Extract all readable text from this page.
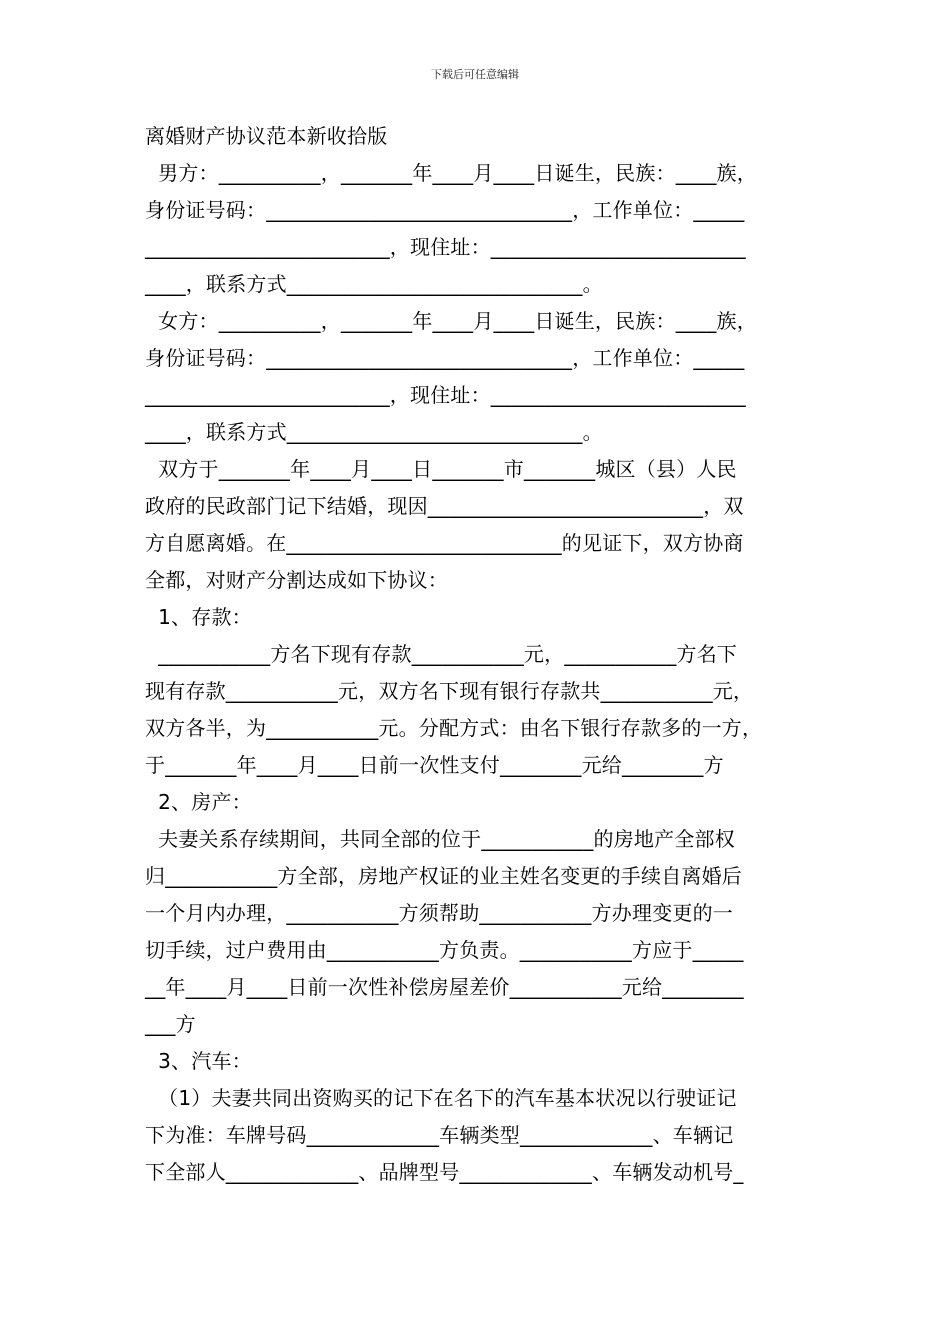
下载后可任意编辑
离婚财产协议范本新收拾版
男方：__________，_______年____月____日诞生，民族：____族，
身份证号码：______________________________，工作单位：_____
________________________，现住址：_________________________
____，联系方式_____________________________。
女方：__________，_______年____月____日诞生，民族：____族，
身份证号码：______________________________，工作单位：_____
________________________，现住址：_________________________
____，联系方式_____________________________。
双方于_______年____月____日_______市_______城区（县）人民
政府的民政部门记下结婚，现因___________________________，双
方自愿离婚。在___________________________的见证下，双方协商
全都，对财产分割达成如下协议：
1、存款：
___________方名下现有存款___________元，___________方名下
现有存款___________元，双方名下现有银行存款共___________元，
双方各半，为___________元。分配方式：由名下银行存款多的一方，
于_______年____月____日前一次性支付________元给________方
2、房产：
夫妻关系存续期间，共同全部的位于___________的房地产全部权
归___________方全部，房地产权证的业主姓名变更的手续自离婚后
一个月内办理，___________方须帮助___________方办理变更的一
切手续，过户费用由___________方负责。___________方应于_____
__年____月____日前一次性补偿房屋差价___________元给________
___方
3、汽车：
（1）夫妻共同出资购买的记下在名下的汽车基本状况以行驶证记
下为准：车牌号码_____________车辆类型_____________、车辆记
下全部人_____________、品牌型号_____________、车辆发动机号_
